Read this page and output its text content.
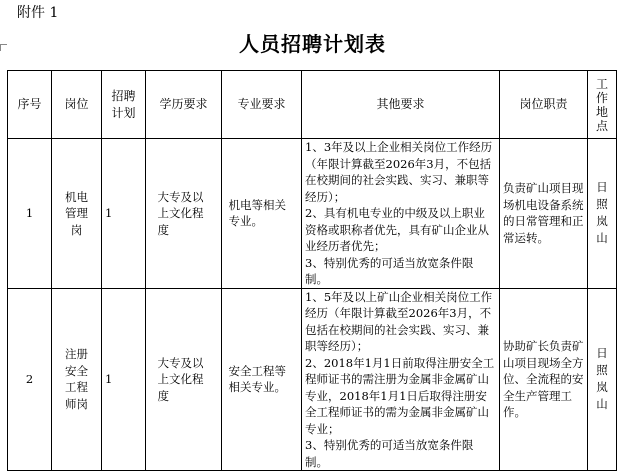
附件 1
人员招聘计划表
序号	岗位	招聘计划	学历要求	专业要求	其他要求	岗位职责	工作地点

1	机电管理岗	1	大专及以上文化程度	机电等相关专业。	1、3年及以上企业相关岗位工作经历（年限计算截至2026年3月，不包括在校期间的社会实践、实习、兼职等经历）；
2、具有机电专业的中级及以上职业资格或职称者优先，具有矿山企业从业经历者优先；
3、特别优秀的可适当放宽条件限制。	负责矿山项目现场机电设备系统的日常管理和正常运转。	日照岚山

2	注册安全工程师岗	1	大专及以上文化程度	安全工程等相关专业。	1、5年及以上矿山企业相关岗位工作经历（年限计算截至2026年3月，不包括在校期间的社会实践、实习、兼职等经历）；
2、2018年1月1日前取得注册安全工程师证书的需注册为金属非金属矿山专业，2018年1月1日后取得注册安全工程师证书的需为金属非金属矿山专业；
3、特别优秀的可适当放宽条件限制。	协助矿长负责矿山项目现场全方位、全流程的安全生产管理工作。	日照岚山
